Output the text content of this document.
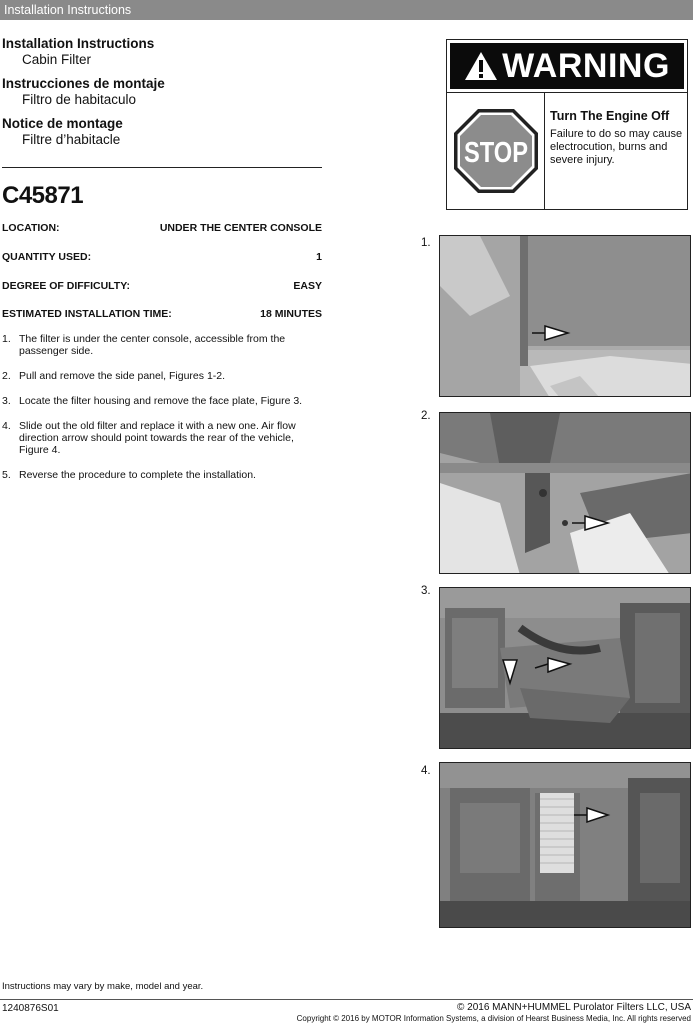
Installation Instructions
Installation Instructions
Cabin Filter
Instrucciones de montaje
Filtro de habitaculo
Notice de montage
Filtre d’habitacle
C45871
LOCATION:	UNDER THE CENTER CONSOLE
QUANTITY USED:	1
DEGREE OF DIFFICULTY:	EASY
ESTIMATED INSTALLATION TIME:	18 MINUTES
1. The filter is under the center console, accessible from the passenger side.
2. Pull and remove the side panel, Figures 1-2.
3. Locate the filter housing and remove the face plate, Figure 3.
4. Slide out the old filter and replace it with a new one. Air flow direction arrow should point towards the rear of the vehicle, Figure 4.
5. Reverse the procedure to complete the installation.
WARNING
STOP
Turn The Engine Off
Failure to do so may cause electrocution, burns and severe injury.
1.
2.
3.
4.
Instructions may vary by make, model and year.
1240876S01	© 2016 MANN+HUMMEL Purolator Filters LLC, USA
Copyright © 2016 by MOTOR Information Systems, a division of Hearst Business Media, Inc. All rights reserved
